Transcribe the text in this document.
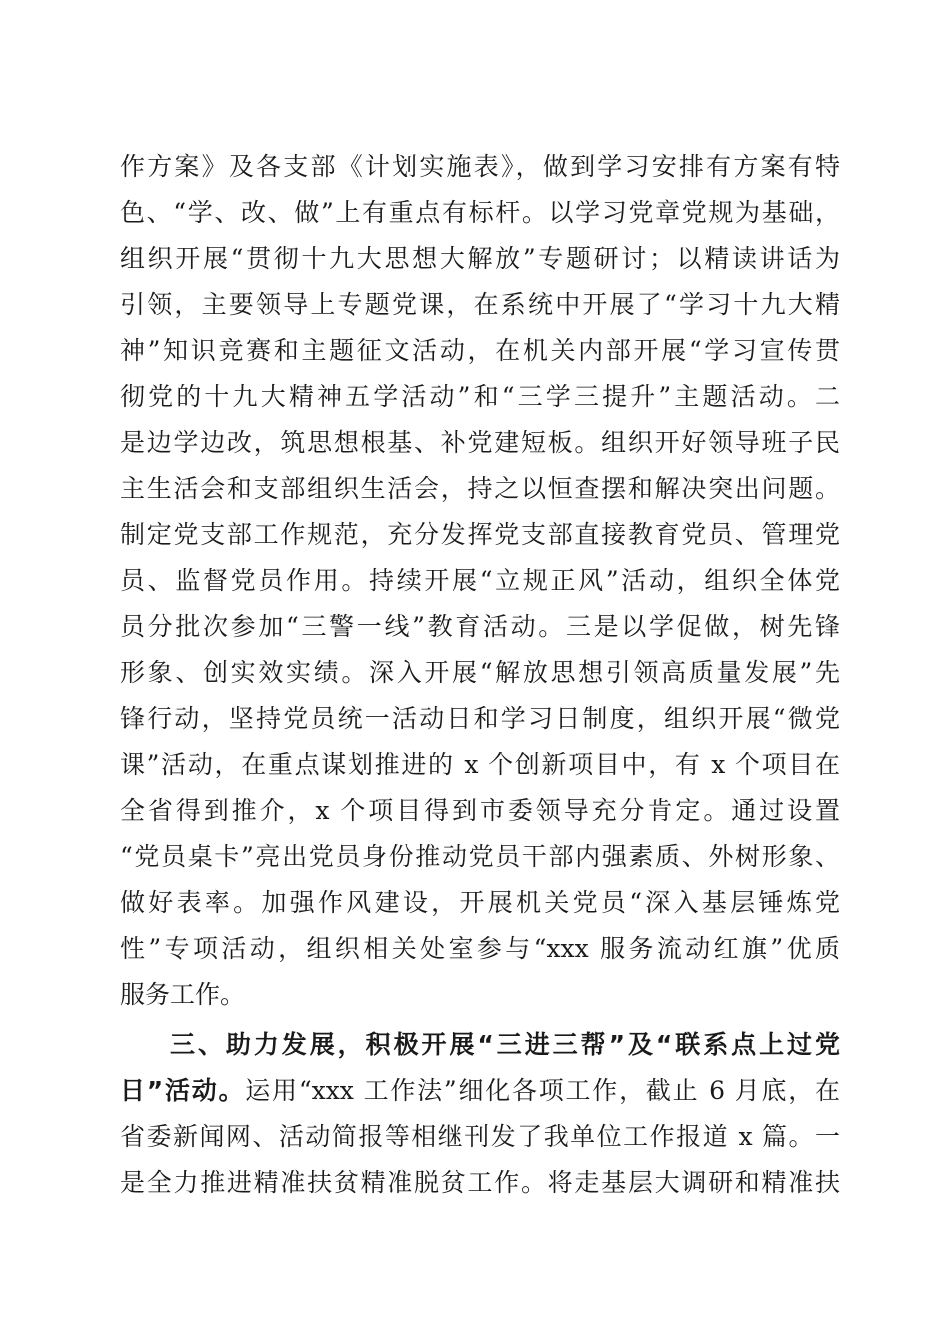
作方案》及各支部《计划实施表》，做到学习安排有方案有特
色、“学、改、做”上有重点有标杆。以学习党章党规为基础，
组织开展“贯彻十九大思想大解放”专题研讨；以精读讲话为
引领，主要领导上专题党课，在系统中开展了“学习十九大精
神”知识竞赛和主题征文活动，在机关内部开展“学习宣传贯
彻党的十九大精神五学活动”和“三学三提升”主题活动。二
是边学边改，筑思想根基、补党建短板。组织开好领导班子民
主生活会和支部组织生活会，持之以恒查摆和解决突出问题。
制定党支部工作规范，充分发挥党支部直接教育党员、管理党
员、监督党员作用。持续开展“立规正风”活动，组织全体党
员分批次参加“三警一线”教育活动。三是以学促做，树先锋
形象、创实效实绩。深入开展“解放思想引领高质量发展”先
锋行动，坚持党员统一活动日和学习日制度，组织开展“微党
课”活动，在重点谋划推进的 x 个创新项目中，有 x 个项目在
全省得到推介，x 个项目得到市委领导充分肯定。通过设置
“党员桌卡”亮出党员身份推动党员干部内强素质、外树形象、
做好表率。加强作风建设，开展机关党员“深入基层锤炼党
性”专项活动，组织相关处室参与“xxx 服务流动红旗”优质
服务工作。
三、助力发展，积极开展“三进三帮”及“联系点上过党
日”活动。运用“xxx 工作法”细化各项工作，截止 6 月底，在
省委新闻网、活动简报等相继刊发了我单位工作报道 x 篇。一
是全力推进精准扶贫精准脱贫工作。将走基层大调研和精准扶
